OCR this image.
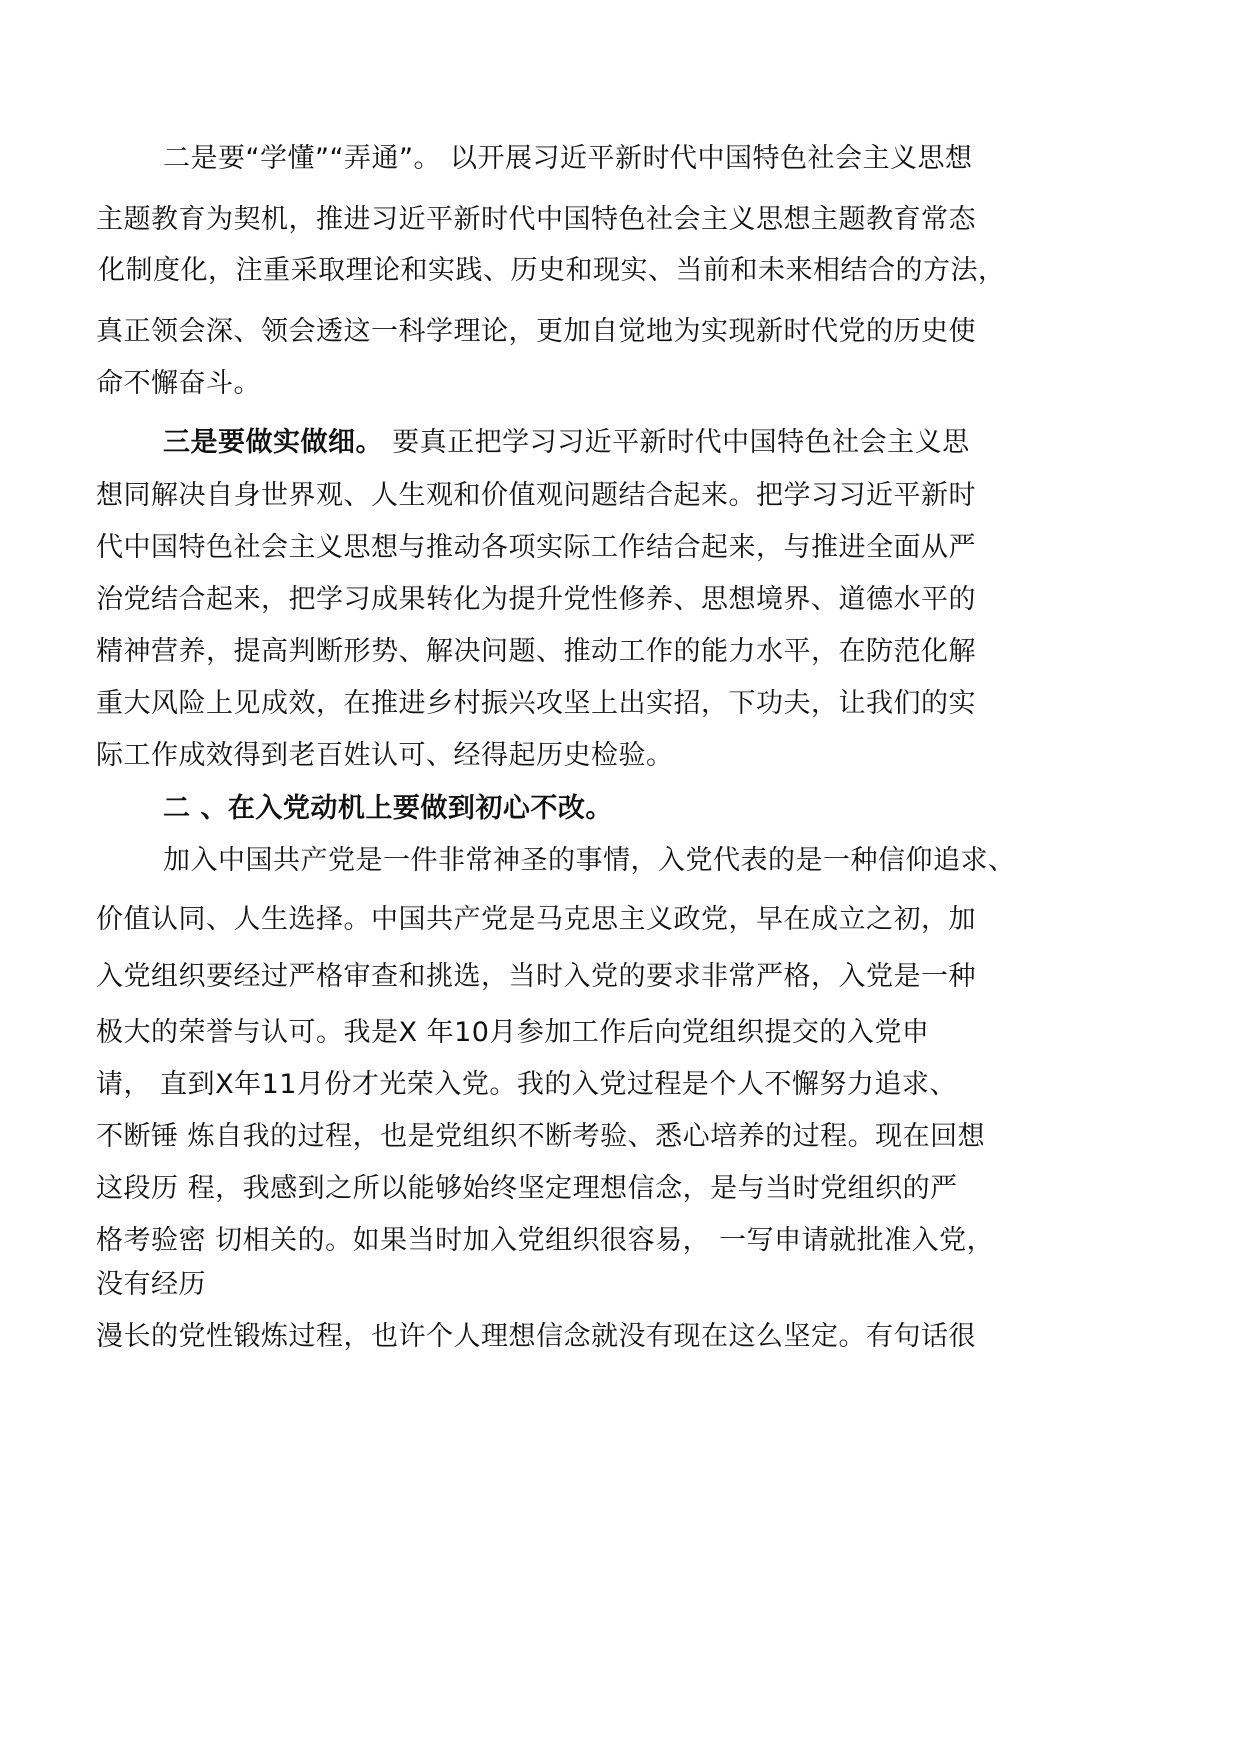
二是要“学懂”“弄通”。 以开展习近平新时代中国特色社会主义思想
主题教育为契机，推进习近平新时代中国特色社会主义思想主题教育常态
化制度化，注重采取理论和实践、历史和现实、当前和未来相结合的方法，
真正领会深、领会透这一科学理论，更加自觉地为实现新时代党的历史使
命不懈奋斗。
三是要做实做细。 要真正把学习习近平新时代中国特色社会主义思
想同解决自身世界观、人生观和价值观问题结合起来。把学习习近平新时
代中国特色社会主义思想与推动各项实际工作结合起来，与推进全面从严
治党结合起来，把学习成果转化为提升党性修养、思想境界、道德水平的
精神营养，提高判断形势、解决问题、推动工作的能力水平，在防范化解
重大风险上见成效，在推进乡村振兴攻坚上出实招，下功夫，让我们的实
际工作成效得到老百姓认可、经得起历史检验。
二 、在入党动机上要做到初心不改。
加入中国共产党是一件非常神圣的事情，入党代表的是一种信仰追求、
价值认同、人生选择。中国共产党是马克思主义政党，早在成立之初，加
入党组织要经过严格审查和挑选，当时入党的要求非常严格，入党是一种
极大的荣誉与认可。我是X 年10月参加工作后向党组织提交的入党申
请， 直到X年11月份才光荣入党。我的入党过程是个人不懈努力追求、
不断锤 炼自我的过程，也是党组织不断考验、悉心培养的过程。现在回想
这段历 程，我感到之所以能够始终坚定理想信念，是与当时党组织的严
格考验密 切相关的。如果当时加入党组织很容易， 一写申请就批准入党，
没有经历
漫长的党性锻炼过程，也许个人理想信念就没有现在这么坚定。有句话很
